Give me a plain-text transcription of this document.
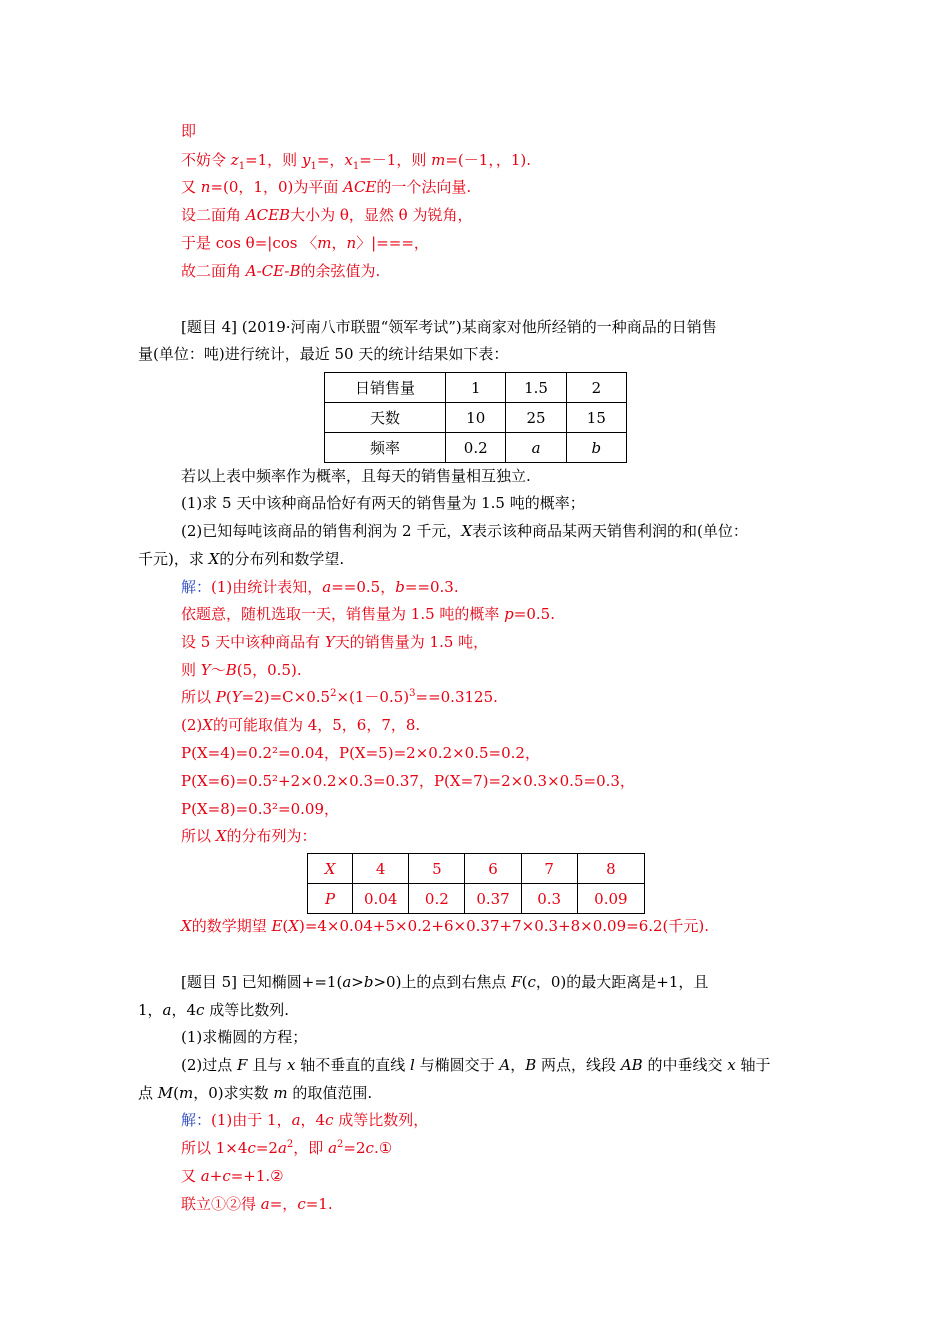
即
不妨令 $z_1=1$，则 $y_1=$，$x_1=-1$，则 m=(－1，，1).
又 n=(0，1，0)为平面 ACE的一个法向量.
设二面角 ACEB大小为 θ，显然 θ 为锐角，
于是 cos θ=|cos 〈m，n〉|===，
故二面角 A-CE-B的余弦值为.
[题目 4] (2019·河南八市联盟“领军考试”)某商家对他所经销的一种商品的日销售
量(单位：吨)进行统计，最近 50 天的统计结果如下表：
日销售量	1	1.5	2
天数	10	25	15
频率	0.2	a	b
若以上表中频率作为概率，且每天的销售量相互独立.
(1)求 5 天中该种商品恰好有两天的销售量为 1.5 吨的概率；
(2)已知每吨该商品的销售利润为 2 千元，X表示该种商品某两天销售利润的和(单位：
千元)，求 X的分布列和数学望.
解：(1)由统计表知，a==0.5，b==0.3.
依题意，随机选取一天，销售量为 1.5 吨的概率 p=0.5.
设 5 天中该种商品有 Y天的销售量为 1.5 吨，
则 Y～B(5，0.5).
所以 $P(Y=2)=C\times 0.5^2\times(1-0.5)^3==0.3125$.
(2)X的可能取值为 4，5，6，7，8.
P(X=4)=0.2²=0.04，P(X=5)=2×0.2×0.5=0.2，
P(X=6)=0.5²+2×0.2×0.3=0.37，P(X=7)=2×0.3×0.5=0.3，
P(X=8)=0.3²=0.09，
所以 X的分布列为：
X	4	5	6	7	8
P	0.04	0.2	0.37	0.3	0.09
X的数学期望 E(X)=4×0.04+5×0.2+6×0.37+7×0.3+8×0.09=6.2(千元).
[题目 5] 已知椭圆+=1(a>b>0)上的点到右焦点 F(c，0)的最大距离是+1，且
1，a，4c 成等比数列.
(1)求椭圆的方程；
(2)过点 F 且与 x 轴不垂直的直线 l 与椭圆交于 A，B 两点，线段 AB 的中垂线交 x 轴于
点 M(m，0)求实数 m 的取值范围.
解：(1)由于 1，a，4c 成等比数列，
所以 $1\times 4c=2a^2$，即 $a^2=2c.①$
又 a+c=+1.②
联立①②得 a=，c=1.
